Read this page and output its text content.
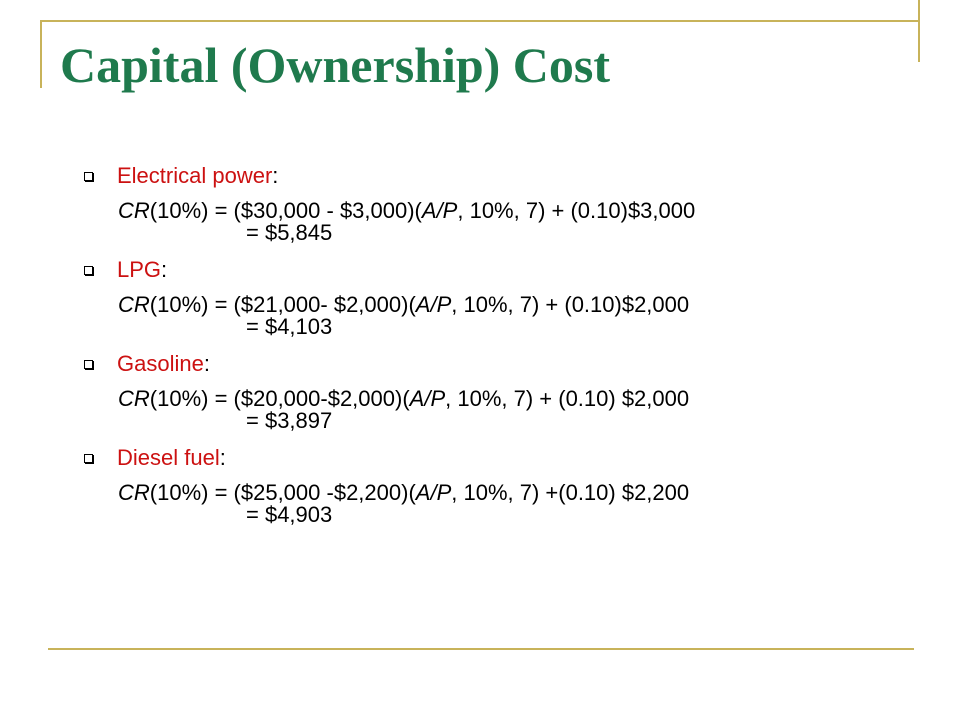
Capital (Ownership) Cost
Electrical power :
CR(10%) = ($30,000 - $3,000)(A/P, 10%, 7) + (0.10)$3,000
= $5,845
LPG :
CR(10%) = ($21,000- $2,000)(A/P, 10%, 7) + (0.10)$2,000
= $4,103
Gasoline :
CR(10%) = ($20,000-$2,000)(A/P, 10%, 7) + (0.10) $2,000
= $3,897
Diesel fuel :
CR(10%) = ($25,000 -$2,200)(A/P, 10%, 7) +(0.10) $2,200
= $4,903
